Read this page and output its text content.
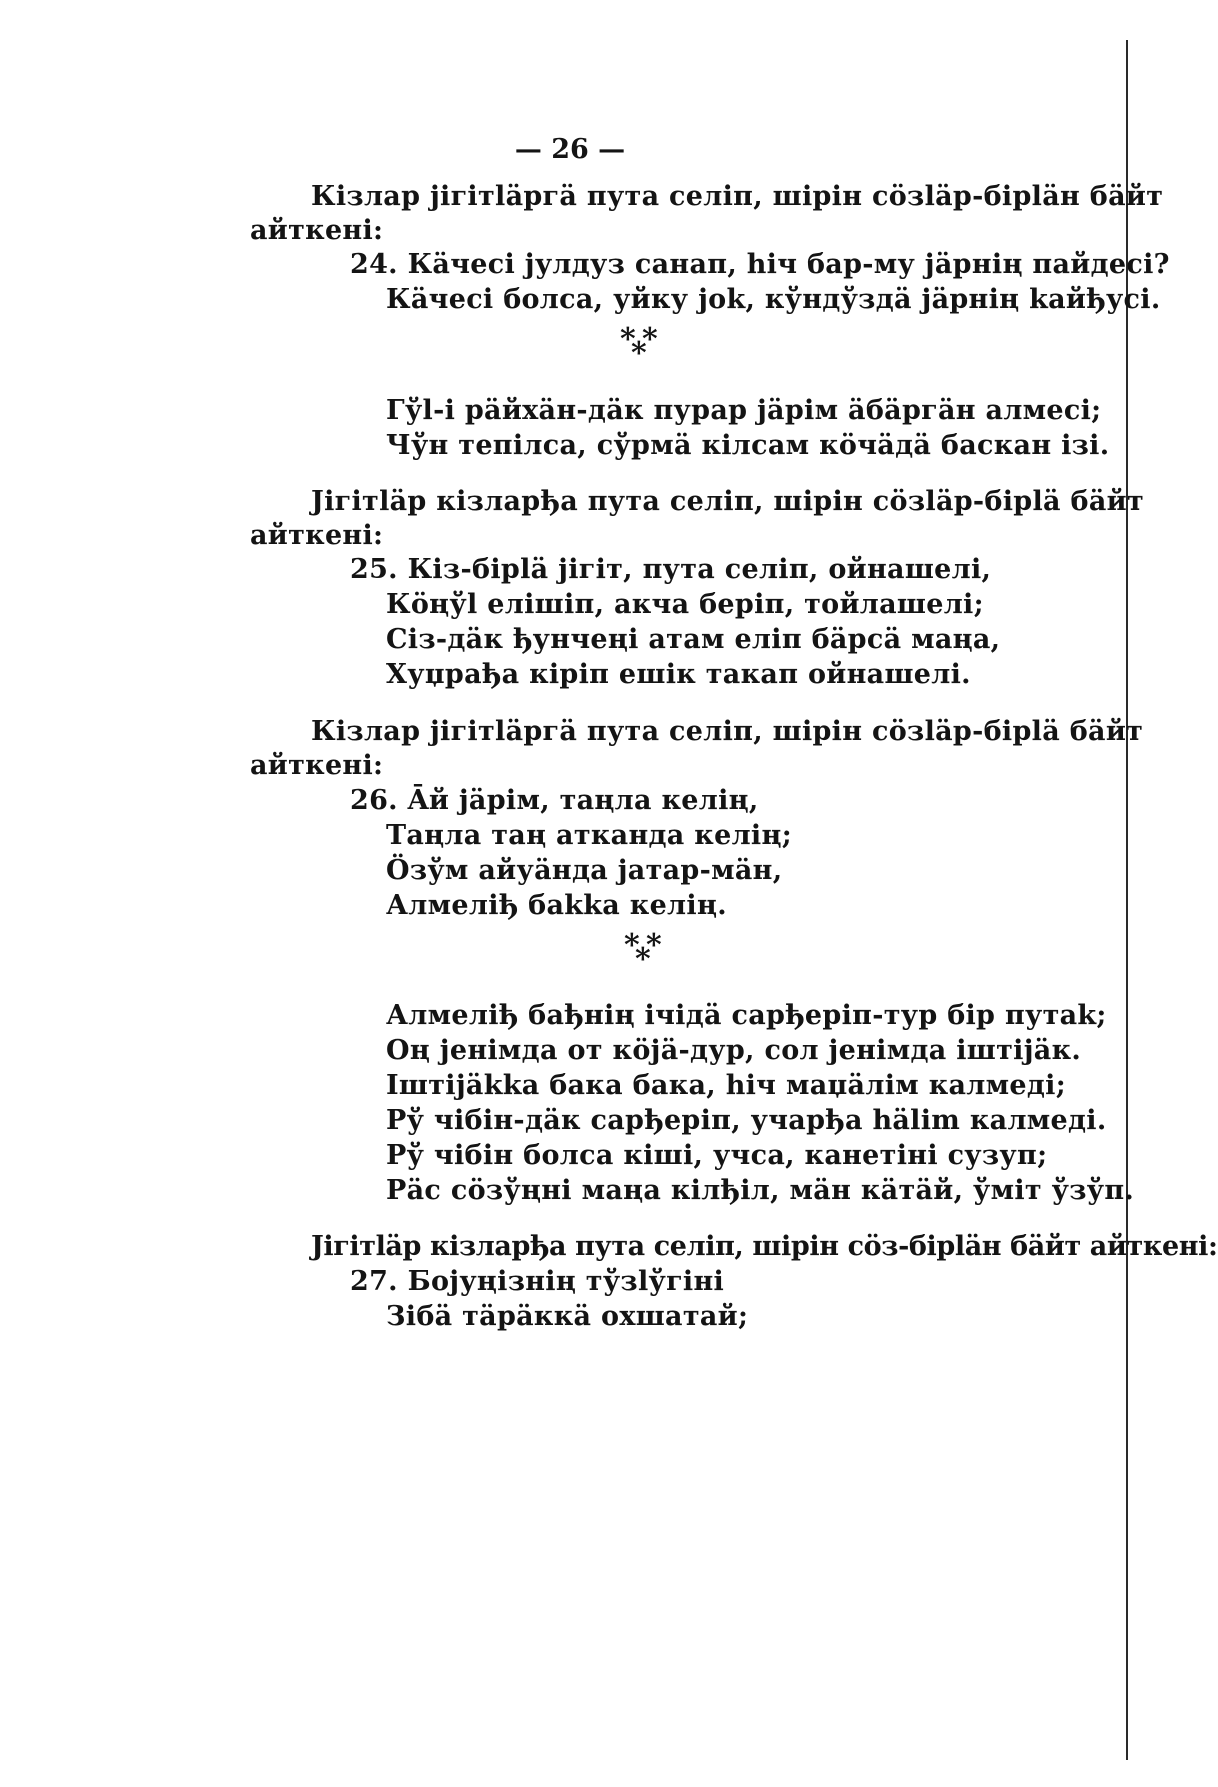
— 26 —
Кізлар jiгітläргä пута селіп, шiрiн сöзläр-бiрläн бäйт
айткені:
24. Кäчесі јулдуз санап, hiч бар-му jäрнiң пайдесi?
Кäчесі болса, уйку jok, кўндўздä jäрнiң kaйђусi.
* *
*
Гўl-i päйхäн-дäк пурар jäрiм äбäргäн алмесi;
Чўн тепiлса, сўрмä кiлсам кöчäдä баскан iзi.
Jiгітläр кізларђа пута селiп, шiрiн сöзläр-бiрlä бäйт
айткенi:
25. Кiз-бiрlä jiгiт, пута селiп, ойнашелi,
Кöңўl елiшiп, акча берiп, тойлашелi;
Сiз-дäк ђунчеңi атам елiп бäрсä маңа,
Хуџрађа кiрiп ешiк такап ойнашелi.
Кiзлар jiгiтläргä пута селiп, шiрiн сöзläр-бiрlä бäйт
айткенi:
26. Āй jäрiм, таңла келiң,
Таңла таң атканда келiң;
Öзўм айуäнда jатар-мäн,
Алмелiђ бakka келiң.
* *
*
Алмелiђ бађнiң iчiдä сарђерiп-тур бiр путak;
Оң jенiмда от кöjä-дур, сол jенiмда iштijäк.
Iштijäkka бака бака, hiч маџäлiм калмедi;
Рў чiбiн-дäк сарђерiп, учарђа hälim калмедi.
Рў чiбiн болса кiшi, учса, канетiнi сузуп;
Рäс сöзўңнi маңа кiлђiл, мäн кäтäй, ўмiт ўзўп.
Jiгiтläр кiзларђа пута селiп, шiрiн сöз-бiрläн бäйт айткенi:
27. Бојуңiзнiң тўзlўгiнi
Зiбä тäрäккä охшатай;
